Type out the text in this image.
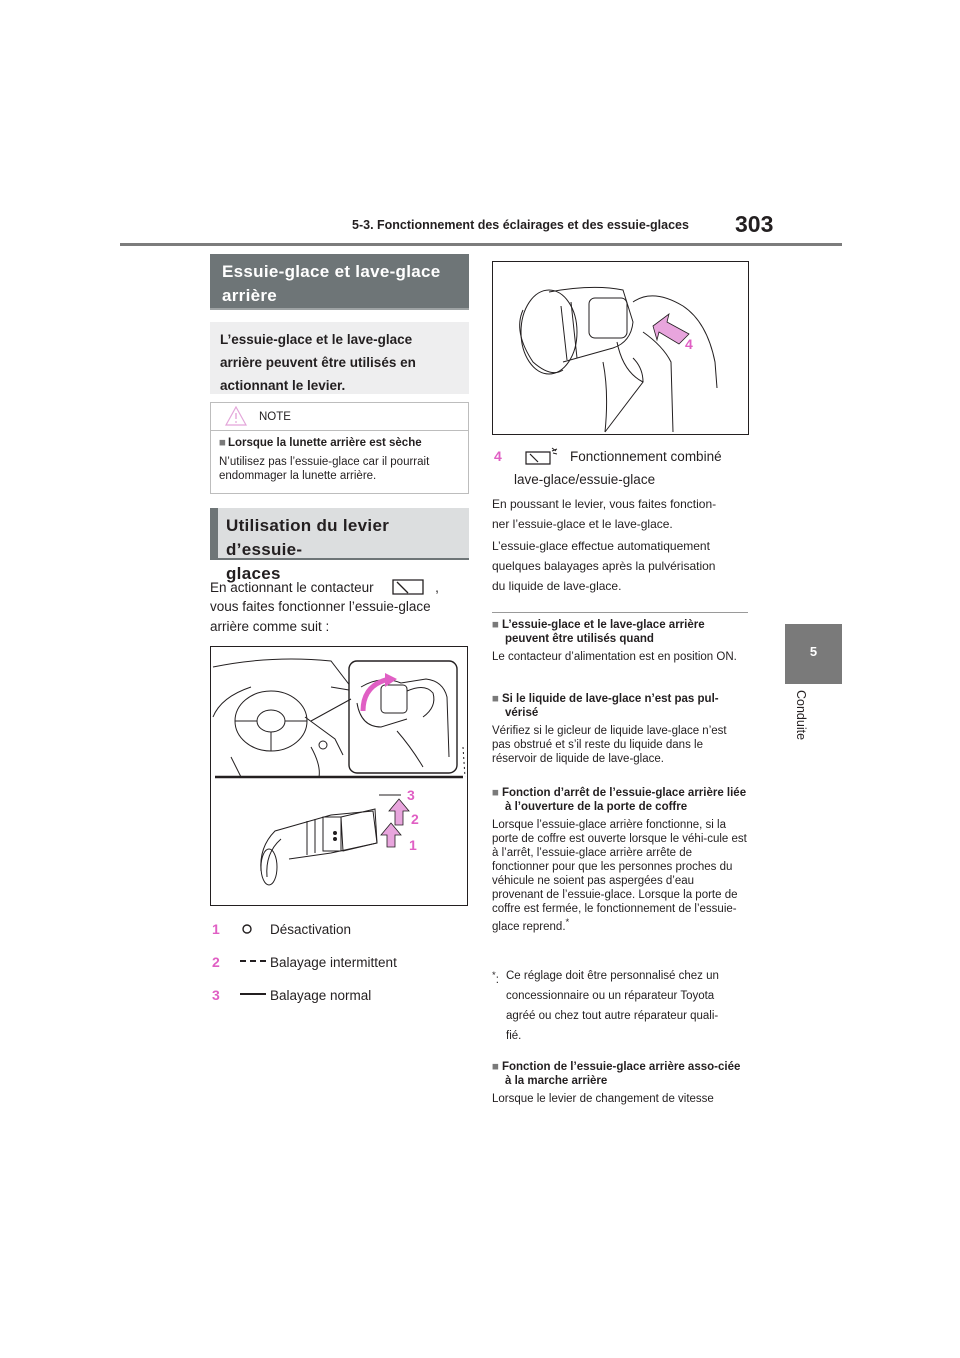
5-3. Fonctionnement des éclairages et des essuie-glaces 303
5
Conduite
Essuie-glace et lave-glace
arrière
L’essuie-glace et le lave-glace
arrière peuvent être utilisés en
actionnant le levier.
NOTE
■ Lorsque la lunette arrière est sèche
N’utilisez pas l’essuie-glace car il pourrait endommager la lunette arrière.
Utilisation du levier d’essuie-
glaces
En actionnant le contacteur	,
vous faites fonctionner l’essuie-glace
arrière comme suit :
3
2
1
1	Désactivation
2	Balayage intermittent
3	Balayage normal
4
4	Fonctionnement combiné
lave-glace/essuie-glace
En poussant le levier, vous faites fonction-
ner l’essuie-glace et le lave-glace.
L’essuie-glace effectue automatiquement
quelques balayages après la pulvérisation
du liquide de lave-glace.
■ L’essuie-glace et le lave-glace arrière peuvent être utilisés quand
Le contacteur d’alimentation est en position ON.
■ Si le liquide de lave-glace n’est pas pul-vérisé
Vérifiez si le gicleur de liquide lave-glace n’est pas obstrué et s’il reste du liquide dans le réservoir de liquide de lave-glace.
■ Fonction d’arrêt de l’essuie-glace arrière liée à l’ouverture de la porte de coffre
Lorsque l’essuie-glace arrière fonctionne, si la porte de coffre est ouverte lorsque le véhi-cule est à l’arrêt, l’essuie-glace arrière arrête de fonctionner pour que les personnes proches du véhicule ne soient pas aspergées d’eau provenant de l’essuie-glace. Lorsque la porte de coffre est fermée, le fonctionnement de l’essuie-glace reprend.*
*: Ce réglage doit être personnalisé chez un
concessionnaire ou un réparateur Toyota
agréé ou chez tout autre réparateur quali-
fié.
■ Fonction de l’essuie-glace arrière asso-ciée à la marche arrière
Lorsque le levier de changement de vitesse
